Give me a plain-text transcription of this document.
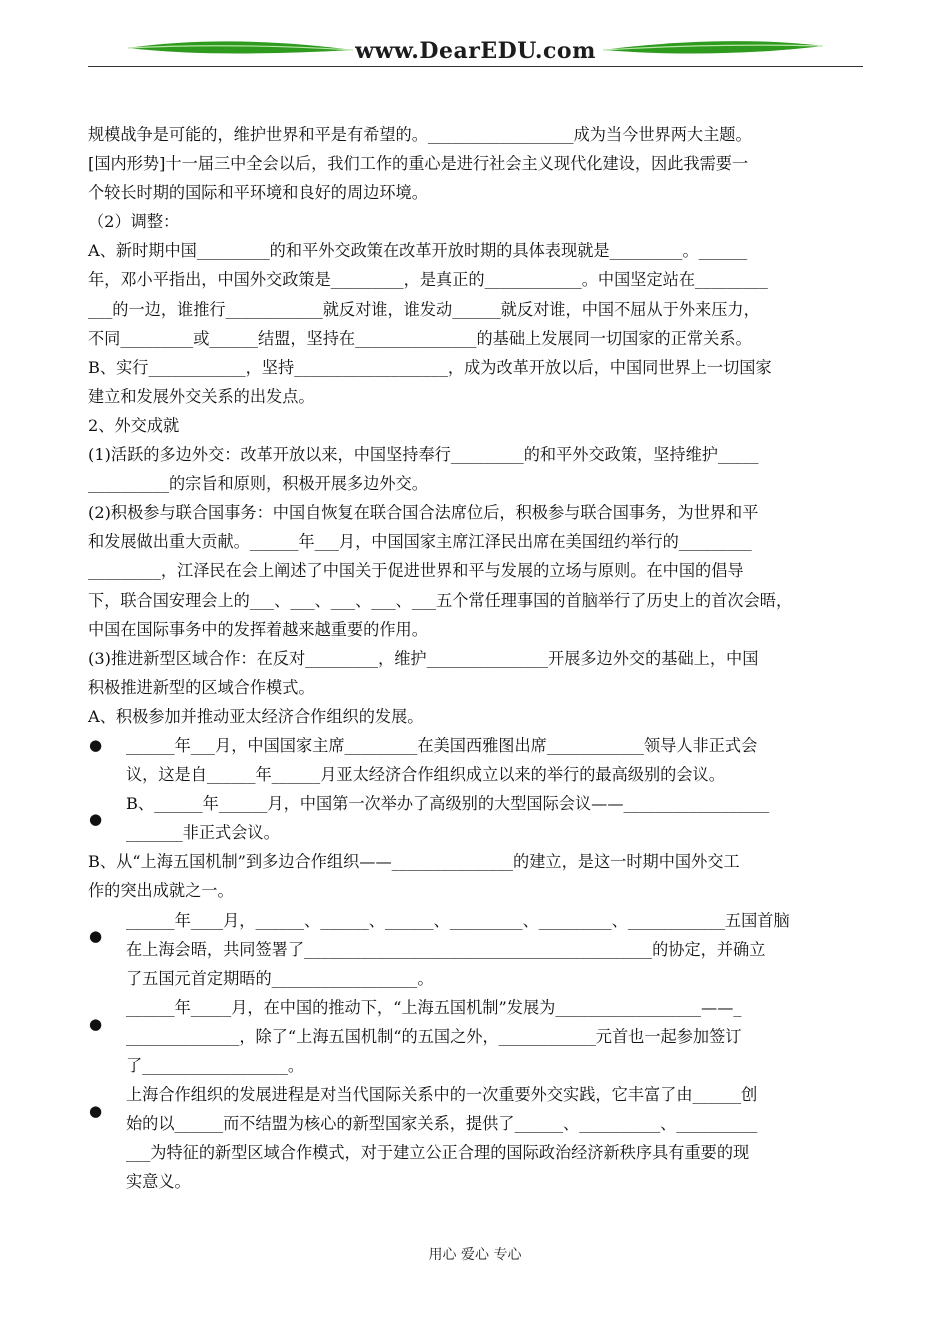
www.DearEDU.com
规模战争是可能的，维护世界和平是有希望的。__________________成为当今世界两大主题。
[国内形势]十一届三中全会以后，我们工作的重心是进行社会主义现代化建设，因此我需要一
个较长时期的国际和平环境和良好的周边环境。
（2）调整：
A、新时期中国_________的和平外交政策在改革开放时期的具体表现就是_________。______
年，邓小平指出，中国外交政策是_________，是真正的____________。中国坚定站在_________
___的一边，谁推行____________就反对谁，谁发动______就反对谁，中国不屈从于外来压力，
不同_________或______结盟，坚持在_______________的基础上发展同一切国家的正常关系。
B、实行____________，坚持___________________，成为改革开放以后，中国同世界上一切国家
建立和发展外交关系的出发点。
2、外交成就
(1)活跃的多边外交：改革开放以来，中国坚持奉行_________的和平外交政策，坚持维护_____
__________的宗旨和原则，积极开展多边外交。
(2)积极参与联合国事务：中国自恢复在联合国合法席位后，积极参与联合国事务，为世界和平
和发展做出重大贡献。______年___月，中国国家主席江泽民出席在美国纽约举行的_________
_________，江泽民在会上阐述了中国关于促进世界和平与发展的立场与原则。在中国的倡导
下，联合国安理会上的___、___、___、___、___五个常任理事国的首脑举行了历史上的首次会晤，
中国在国际事务中的发挥着越来越重要的作用。
(3)推进新型区域合作：在反对_________，维护_______________开展多边外交的基础上，中国
积极推进新型的区域合作模式。
A、积极参加并推动亚太经济合作组织的发展。
______年___月，中国国家主席_________在美国西雅图出席____________领导人非正式会
议，这是自______年______月亚太经济合作组织成立以来的举行的最高级别的会议。
B、______年______月，中国第一次举办了高级别的大型国际会议——__________________
_______非正式会议。
B、从“上海五国机制”到多边合作组织——_______________的建立，是这一时期中国外交工
作的突出成就之一。
______年____月，______、______、______、_________、_________、____________五国首脑
在上海会晤，共同签署了___________________________________________的协定，并确立
了五国元首定期晤的__________________。
______年_____月，在中国的推动下，“上海五国机制”发展为__________________——_
______________，除了“上海五国机制“的五国之外，____________元首也一起参加签订
了__________________。
上海合作组织的发展进程是对当代国际关系中的一次重要外交实践，它丰富了由______创
始的以______而不结盟为核心的新型国家关系，提供了______、__________、__________
___为特征的新型区域合作模式，对于建立公正合理的国际政治经济新秩序具有重要的现
实意义。
●
●
●
●
●
用心 爱心 专心
